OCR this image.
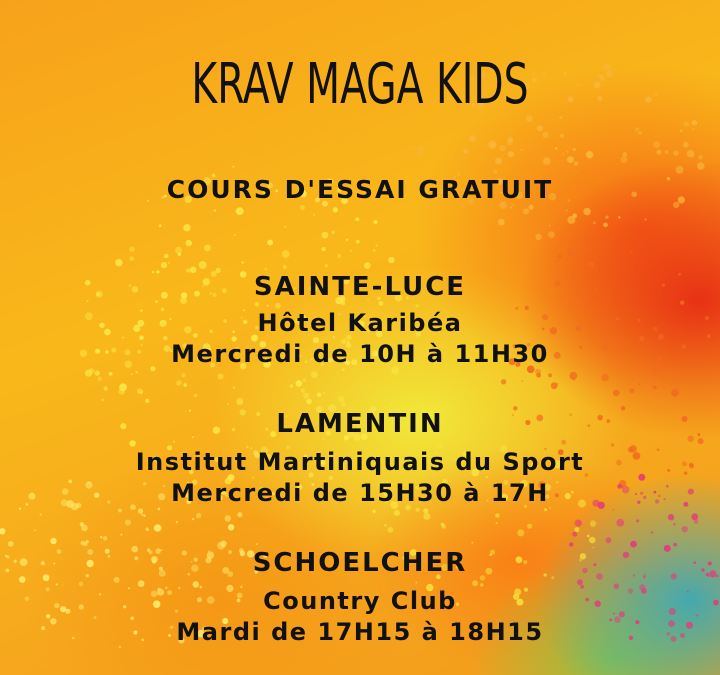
KRAV MAGA KIDS
COURS D'ESSAI GRATUIT
SAINTE-LUCE
Hôtel Karibéa
Mercredi de 10H à 11H30
LAMENTIN
Institut Martiniquais du Sport
Mercredi de 15H30 à 17H
SCHOELCHER
Country Club
Mardi de 17H15 à 18H15
